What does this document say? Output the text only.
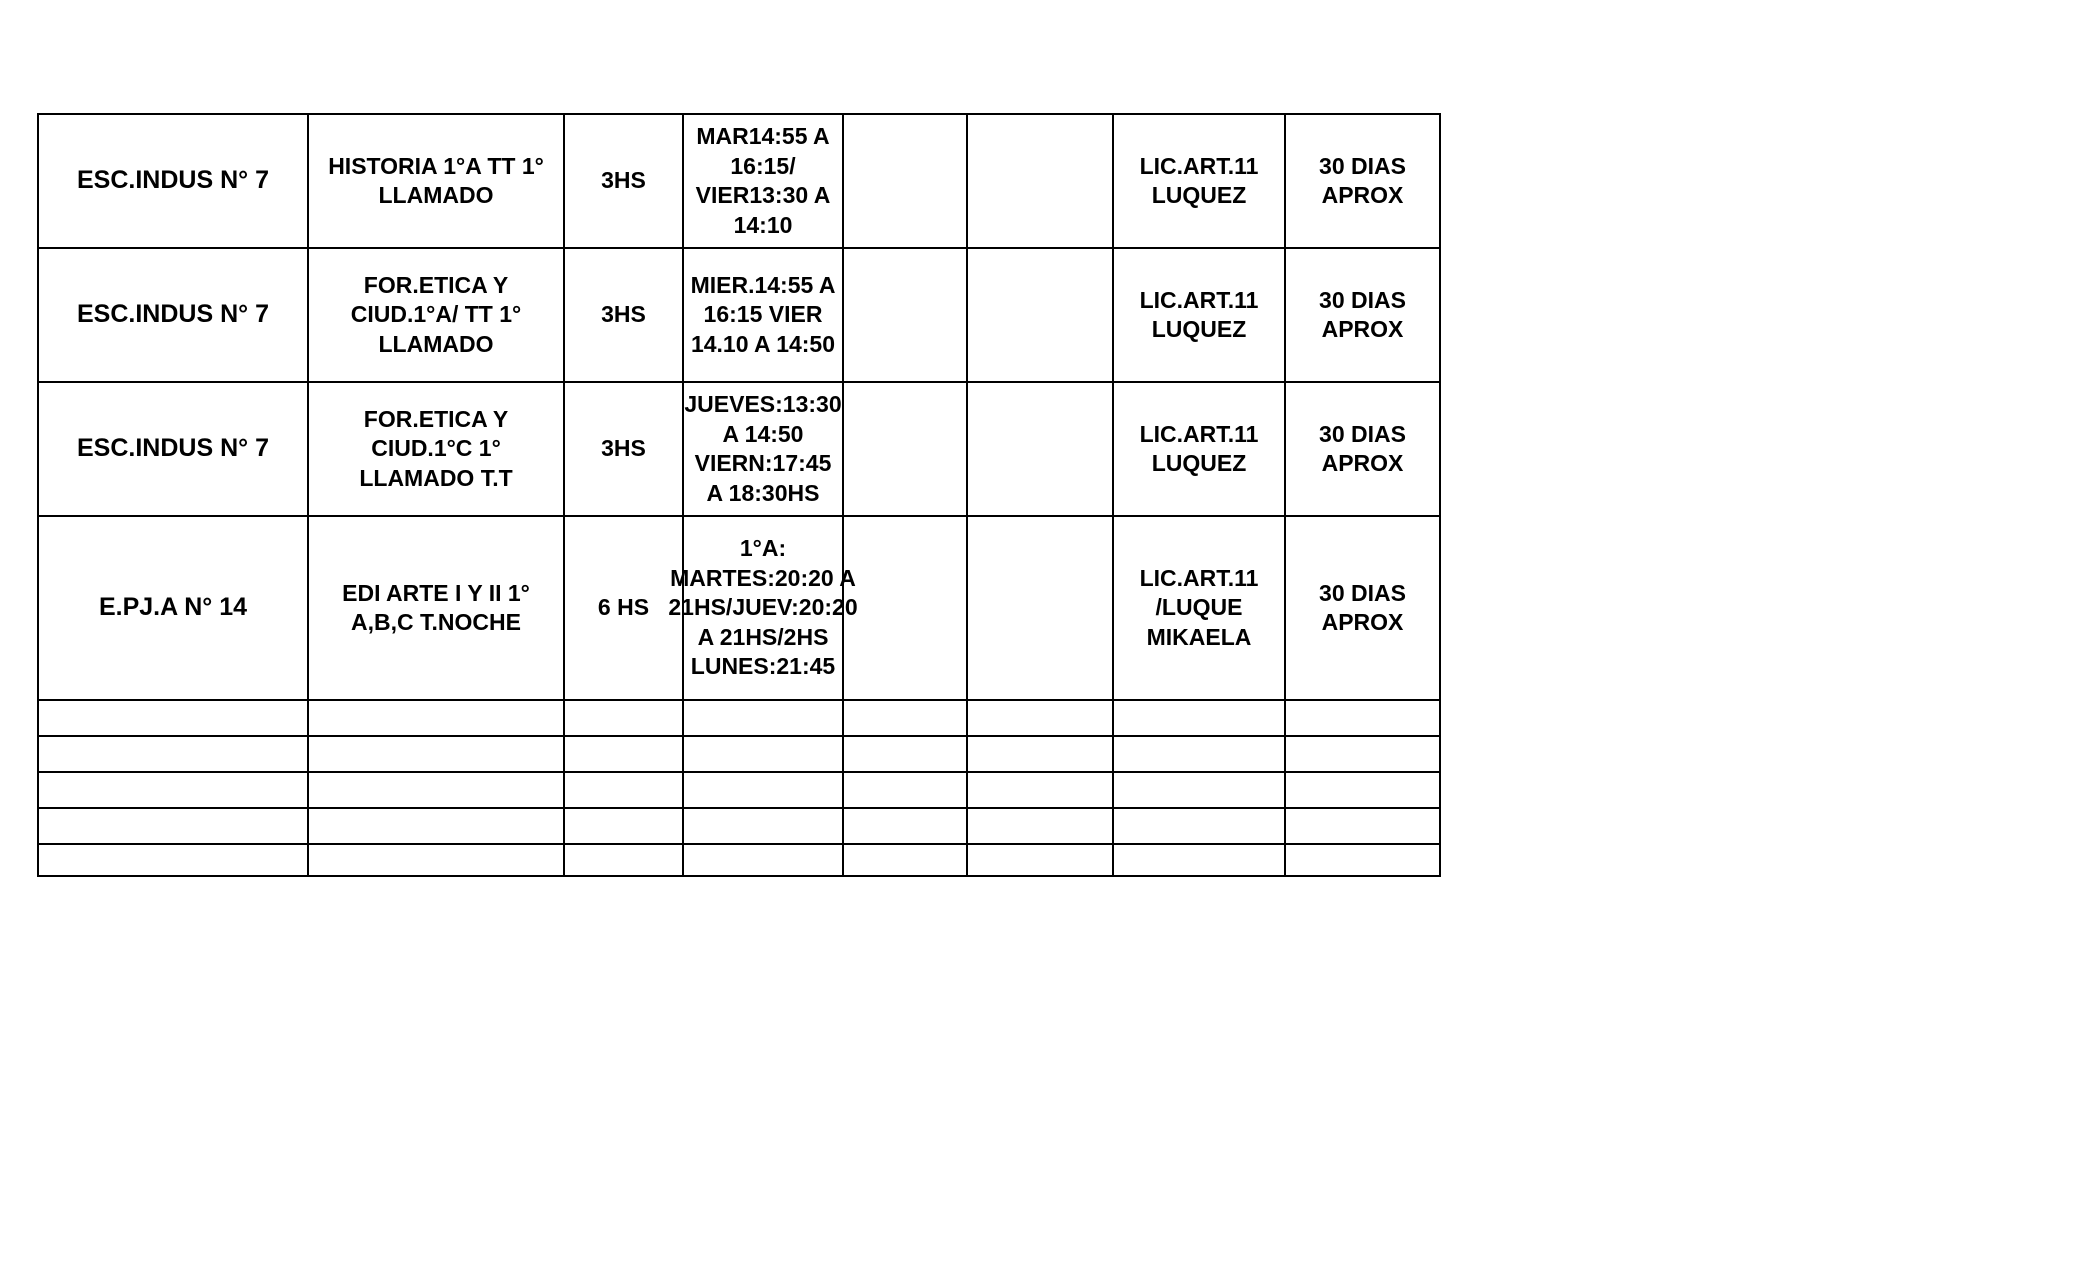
ESC.INDUS N° 7	HISTORIA 1°A TT 1° LLAMADO	3HS	MAR14:55 A 16:15/ VIER13:30 A 14:10			LIC.ART.11 LUQUEZ	30 DIAS APROX
ESC.INDUS N° 7	FOR.ETICA Y CIUD.1°A/ TT 1° LLAMADO	3HS	MIER.14:55 A 16:15 VIER 14.10 A 14:50			LIC.ART.11 LUQUEZ	30 DIAS APROX
ESC.INDUS N° 7	FOR.ETICA Y CIUD.1°C 1° LLAMADO T.T	3HS	JUEVES:13:30 A 14:50 VIERN:17:45 A 18:30HS			LIC.ART.11 LUQUEZ	30 DIAS APROX
E.PJ.A N° 14	EDI ARTE I Y II 1° A,B,C T.NOCHE	6 HS	1°A: MARTES:20:20 A 21HS/JUEV:20:20 A 21HS/2HS LUNES:21:45			LIC.ART.11 /LUQUE MIKAELA	30 DIAS APROX
